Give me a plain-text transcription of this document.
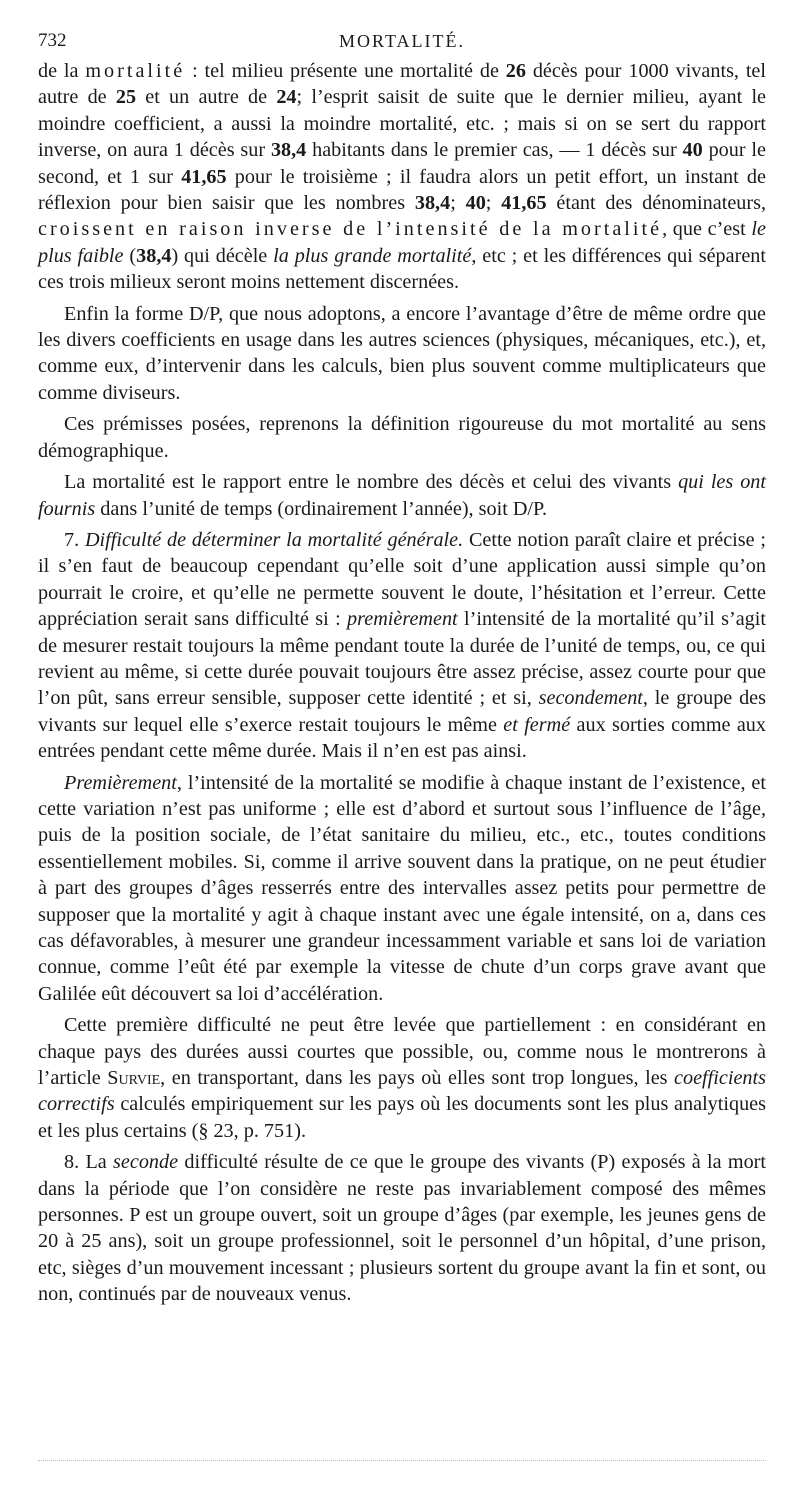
732	MORTALITÉ.

de la mortalité : tel milieu présente une mortalité de 26 décès pour 1000 vivants, tel autre de 25 et un autre de 24; l’esprit saisit de suite que le dernier milieu, ayant le moindre coefficient, a aussi la moindre mortalité, etc. ; mais si on se sert du rapport inverse, on aura 1 décès sur 38,4 habitants dans le premier cas, — 1 décès sur 40 pour le second, et 1 sur 41,65 pour le troisième ; il faudra alors un petit effort, un instant de réflexion pour bien saisir que les nombres 38,4; 40; 41,65 étant des dénominateurs, croissent en raison inverse de l’intensité de la mortalité, que c’est le plus faible (38,4) qui décèle la plus grande mortalité, etc ; et les différences qui séparent ces trois milieux seront moins nettement discernées.

Enfin la forme D/P, que nous adoptons, a encore l’avantage d’être de même ordre que les divers coefficients en usage dans les autres sciences (physiques, mécaniques, etc.), et, comme eux, d’intervenir dans les calculs, bien plus souvent comme multiplicateurs que comme diviseurs.

Ces prémisses posées, reprenons la définition rigoureuse du mot mortalité au sens démographique.

La mortalité est le rapport entre le nombre des décès et celui des vivants qui les ont fournis dans l’unité de temps (ordinairement l’année), soit D/P.

7. Difficulté de déterminer la mortalité générale. Cette notion paraît claire et précise ; il s’en faut de beaucoup cependant qu’elle soit d’une application aussi simple qu’on pourrait le croire, et qu’elle ne permette souvent le doute, l’hésitation et l’erreur. Cette appréciation serait sans difficulté si : premièrement l’intensité de la mortalité qu’il s’agit de mesurer restait toujours la même pendant toute la durée de l’unité de temps, ou, ce qui revient au même, si cette durée pouvait toujours être assez précise, assez courte pour que l’on pût, sans erreur sensible, supposer cette identité ; et si, secondement, le groupe des vivants sur lequel elle s’exerce restait toujours le même et fermé aux sorties comme aux entrées pendant cette même durée. Mais il n’en est pas ainsi.

Premièrement, l’intensité de la mortalité se modifie à chaque instant de l’existence, et cette variation n’est pas uniforme ; elle est d’abord et surtout sous l’influence de l’âge, puis de la position sociale, de l’état sanitaire du milieu, etc., etc., toutes conditions essentiellement mobiles. Si, comme il arrive souvent dans la pratique, on ne peut étudier à part des groupes d’âges resserrés entre des intervalles assez petits pour permettre de supposer que la mortalité y agit à chaque instant avec une égale intensité, on a, dans ces cas défavorables, à mesurer une grandeur incessamment variable et sans loi de variation connue, comme l’eût été par exemple la vitesse de chute d’un corps grave avant que Galilée eût découvert sa loi d’accélération.

Cette première difficulté ne peut être levée que partiellement : en considérant en chaque pays des durées aussi courtes que possible, ou, comme nous le montrerons à l’article Survie, en transportant, dans les pays où elles sont trop longues, les coefficients correctifs calculés empiriquement sur les pays où les documents sont les plus analytiques et les plus certains (§ 23, p. 751).

8. La seconde difficulté résulte de ce que le groupe des vivants (P) exposés à la mort dans la période que l’on considère ne reste pas invariablement composé des mêmes personnes. P est un groupe ouvert, soit un groupe d’âges (par exemple, les jeunes gens de 20 à 25 ans), soit un groupe professionnel, soit le personnel d’un hôpital, d’une prison, etc, sièges d’un mouvement incessant ; plusieurs sortent du groupe avant la fin et sont, ou non, continués par de nouveaux venus.
